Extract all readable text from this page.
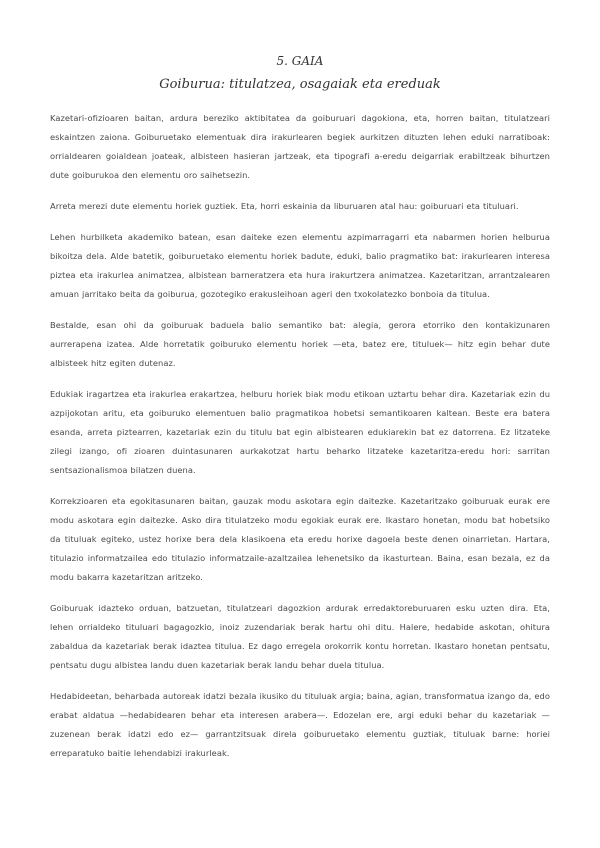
5. GAIA
Goiburua: titulatzea, osagaiak eta ereduak

Kazetari-ofizioaren baitan, ardura bereziko aktibitatea da goiburuari dagokiona, eta, horren baitan, titulatzeari eskaintzen zaiona. Goiburuetako elementuak dira irakurlearen begiek aurkitzen dituzten lehen eduki narratiboak: orrialdearen goialdean joateak, albisteen hasieran jartzeak, eta tipografi a-eredu deigarriak erabiltzeak bihurtzen dute goiburukoa den elementu oro saihetsezin.

Arreta merezi dute elementu horiek guztiek. Eta, horri eskainia da liburuaren atal hau: goiburuari eta tituluari.

Lehen hurbilketa akademiko batean, esan daiteke ezen elementu azpimarragarri eta nabarmen horien helburua bikoitza dela. Alde batetik, goiburuetako elementu horiek badute, eduki, balio pragmatiko bat: irakurlearen interesa piztea eta irakurlea animatzea, albistean barneratzera eta hura irakurtzera animatzea. Kazetaritzan, arrantzalearen amuan jarritako beita da goiburua, gozotegiko erakusleihoan ageri den txokolatezko bonboia da titulua.

Bestalde, esan ohi da goiburuak baduela balio semantiko bat: alegia, gerora etorriko den kontakizunaren aurrerapena izatea. Alde horretatik goiburuko elementu horiek —eta, batez ere, tituluek— hitz egin behar dute albisteek hitz egiten dutenaz.

Edukiak iragartzea eta irakurlea erakartzea, helburu horiek biak modu etikoan uztartu behar dira. Kazetariak ezin du azpijokotan aritu, eta goiburuko elementuen balio pragmatikoa hobetsi semantikoaren kaltean. Beste era batera esanda, arreta piztearren, kazetariak ezin du titulu bat egin albistearen edukiarekin bat ez datorrena. Ez litzateke zilegi izango, ofi zioaren duintasunaren aurkakotzat hartu beharko litzateke kazetaritza-eredu hori: sarritan sentsazionalismoa bilatzen duena.

Korrekzioaren eta egokitasunaren baitan, gauzak modu askotara egin daitezke. Kazetaritzako goiburuak eurak ere modu askotara egin daitezke. Asko dira titulatzeko modu egokiak eurak ere. Ikastaro honetan, modu bat hobetsiko da tituluak egiteko, ustez horixe bera dela klasikoena eta eredu horixe dagoela beste denen oinarrietan. Hartara, titulazio informatzailea edo titulazio informatzaile-azaltzailea lehenetsiko da ikasturtean. Baina, esan bezala, ez da modu bakarra kazetaritzan aritzeko.

Goiburuak idazteko orduan, batzuetan, titulatzeari dagozkion ardurak erredaktoreburuaren esku uzten dira. Eta, lehen orrialdeko tituluari bagagozkio, inoiz zuzendariak berak hartu ohi ditu. Halere, hedabide askotan, ohitura zabaldua da kazetariak berak idaztea titulua. Ez dago erregela orokorrik kontu horretan. Ikastaro honetan pentsatu, pentsatu dugu albistea landu duen kazetariak berak landu behar duela titulua.

Hedabideetan, beharbada autoreak idatzi bezala ikusiko du tituluak argia; baina, agian, transformatua izango da, edo erabat aldatua —hedabidearen behar eta interesen arabera—. Edozelan ere, argi eduki behar du kazetariak —zuzenean berak idatzi edo ez— garrantzitsuak direla goiburuetako elementu guztiak, tituluak barne: horiei erreparatuko baitie lehendabizi irakurleak.
